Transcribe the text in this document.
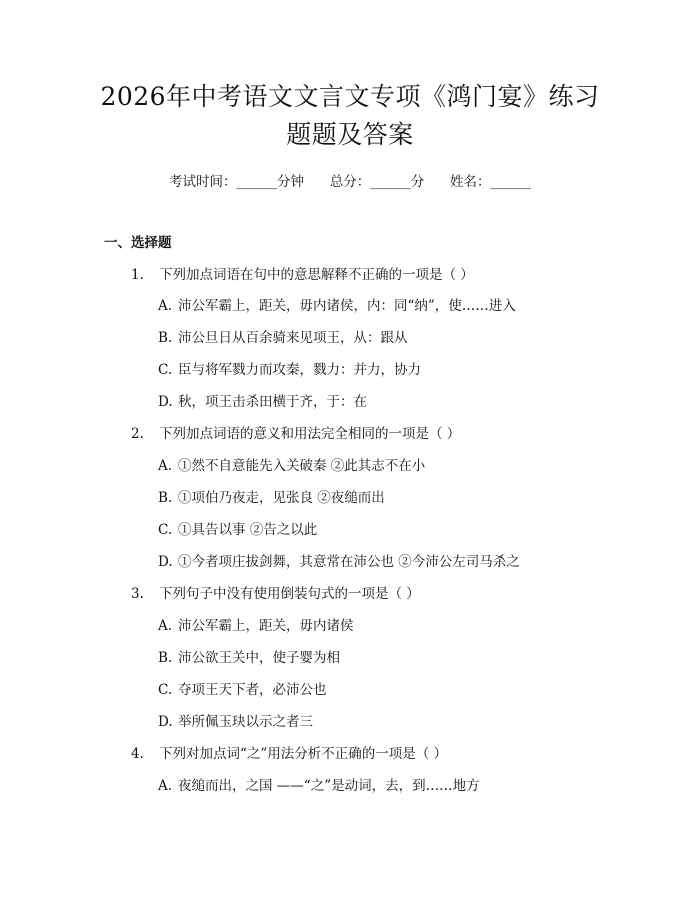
2026年中考语文文言文专项《鸿门宴》练习
题题及答案
考试时间：______分钟      总分：______分      姓名：______
一、选择题
1. 下列加点词语在句中的意思解释不正确的一项是（ ）
A. 沛公军霸上，距关，毋内诸侯，内：同“纳”，使……进入
B. 沛公旦日从百余骑来见项王，从：跟从
C. 臣与将军戮力而攻秦，戮力：并力，协力
D. 秋，项王击杀田横于齐，于：在
2. 下列加点词语的意义和用法完全相同的一项是（ ）
A. ①然不自意能先入关破秦 ②此其志不在小
B. ①项伯乃夜走，见张良 ②夜缒而出
C. ①具告以事 ②告之以此
D. ①今者项庄拔剑舞，其意常在沛公也 ②今沛公左司马杀之
3. 下列句子中没有使用倒装句式的一项是（ ）
A. 沛公军霸上，距关，毋内诸侯
B. 沛公欲王关中，使子婴为相
C. 夺项王天下者，必沛公也
D. 举所佩玉玦以示之者三
4. 下列对加点词“之”用法分析不正确的一项是（ ）
A. 夜缒而出，之国 ——“之”是动词，去，到……地方
